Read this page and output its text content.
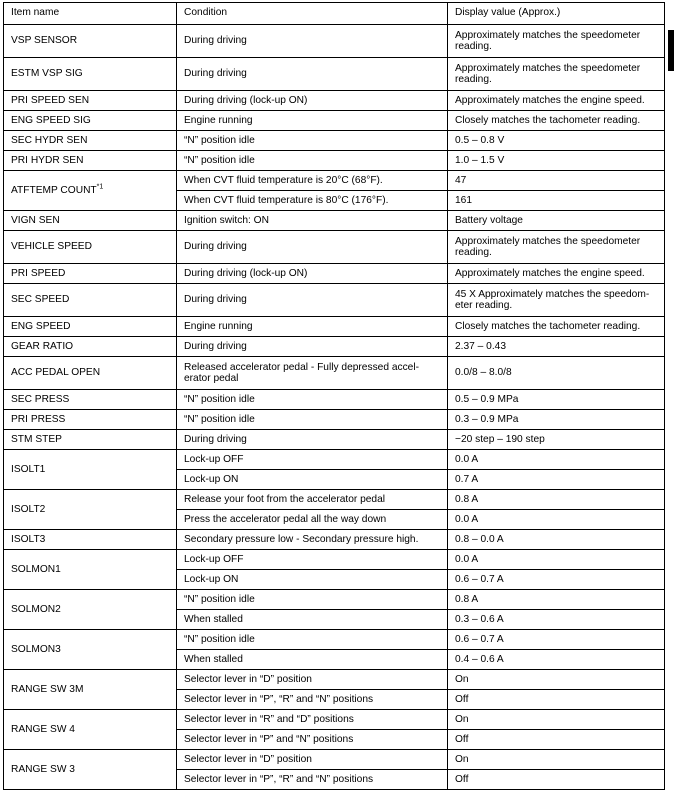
Item name	Condition	Display value (Approx.)
VSP SENSOR	During driving	Approximately matches the speedometer reading.
ESTM VSP SIG	During driving	Approximately matches the speedometer reading.
PRI SPEED SEN	During driving (lock-up ON)	Approximately matches the engine speed.
ENG SPEED SIG	Engine running	Closely matches the tachometer reading.
SEC HYDR SEN	“N” position idle	0.5 – 0.8 V
PRI HYDR SEN	“N” position idle	1.0 – 1.5 V
ATFTEMP COUNT$^{*1}$	When CVT fluid temperature is 20°C (68°F).	47
	When CVT fluid temperature is 80°C (176°F).	161
VIGN SEN	Ignition switch: ON	Battery voltage
VEHICLE SPEED	During driving	Approximately matches the speedometer reading.
PRI SPEED	During driving (lock-up ON)	Approximately matches the engine speed.
SEC SPEED	During driving	45 X Approximately matches the speedom- eter reading.
ENG SPEED	Engine running	Closely matches the tachometer reading.
GEAR RATIO	During driving	2.37 – 0.43
ACC PEDAL OPEN	Released accelerator pedal - Fully depressed accel- erator pedal	0.0/8 – 8.0/8
SEC PRESS	“N” position idle	0.5 – 0.9 MPa
PRI PRESS	“N” position idle	0.3 – 0.9 MPa
STM STEP	During driving	−20 step – 190 step
ISOLT1	Lock-up OFF	0.0 A
	Lock-up ON	0.7 A
ISOLT2	Release your foot from the accelerator pedal	0.8 A
	Press the accelerator pedal all the way down	0.0 A
ISOLT3	Secondary pressure low - Secondary pressure high.	0.8 – 0.0 A
SOLMON1	Lock-up OFF	0.0 A
	Lock-up ON	0.6 – 0.7 A
SOLMON2	“N” position idle	0.8 A
	When stalled	0.3 – 0.6 A
SOLMON3	“N” position idle	0.6 – 0.7 A
	When stalled	0.4 – 0.6 A
RANGE SW 3M	Selector lever in “D” position	On
	Selector lever in “P”, “R” and “N” positions	Off
RANGE SW 4	Selector lever in “R” and “D” positions	On
	Selector lever in “P” and “N” positions	Off
RANGE SW 3	Selector lever in “D” position	On
	Selector lever in “P”, “R” and “N” positions	Off
